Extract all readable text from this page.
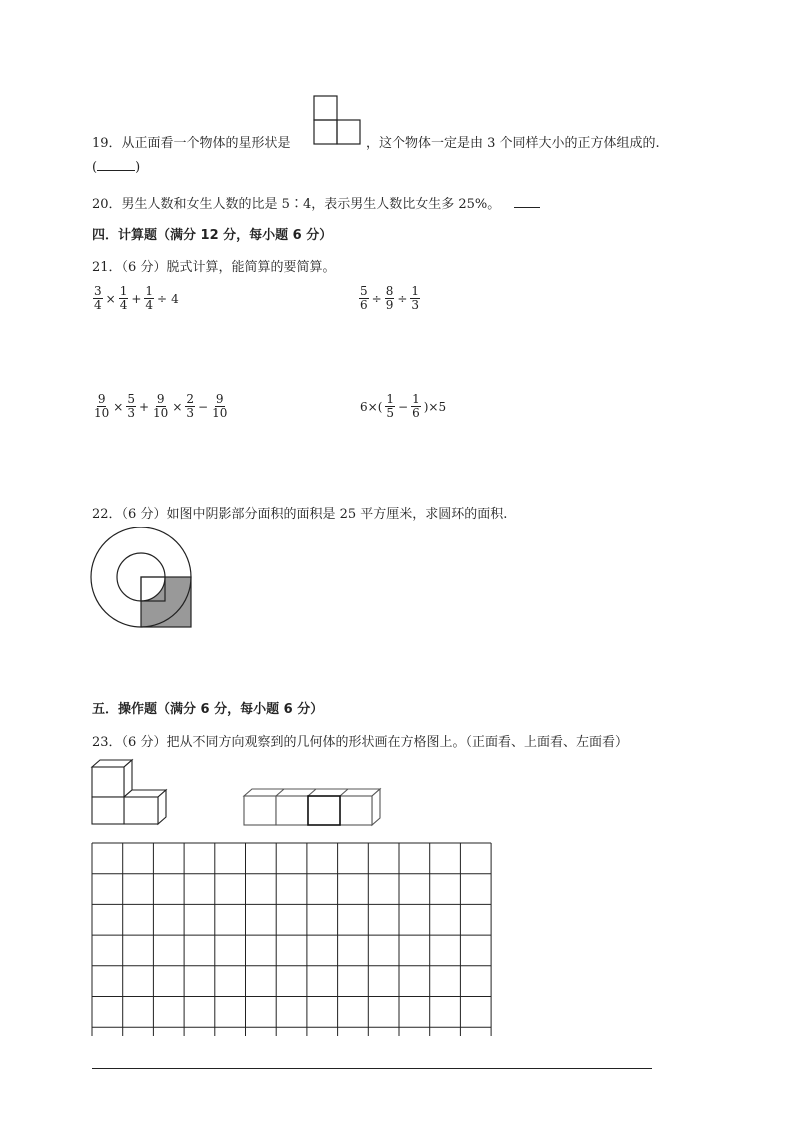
19．从正面看一个物体的星形状是	，这个物体一定是由 3 个同样大小的正方体组成的.
(	)
20．男生人数和女生人数的比是 5∶4，表示男生人数比女生多 25%。
四．计算题（满分 12 分，每小题 6 分）
21．（6 分）脱式计算，能简算的要简算。
$\frac{3}{4} \times \frac{1}{4} + \frac{1}{4} \div 4$	$\frac{5}{6} \div \frac{8}{9} \div \frac{1}{3}$
$\frac{9}{10} \times \frac{5}{3} + \frac{9}{10} \times \frac{2}{3} - \frac{9}{10}$	$6\times( \frac{1}{5} - \frac{1}{6} )\times 5$
22．（6 分）如图中阴影部分面积的面积是 25 平方厘米，求圆环的面积.
五．操作题（满分 6 分，每小题 6 分）
23．（6 分）把从不同方向观察到的几何体的形状画在方格图上。（正面看、上面看、左面看）
